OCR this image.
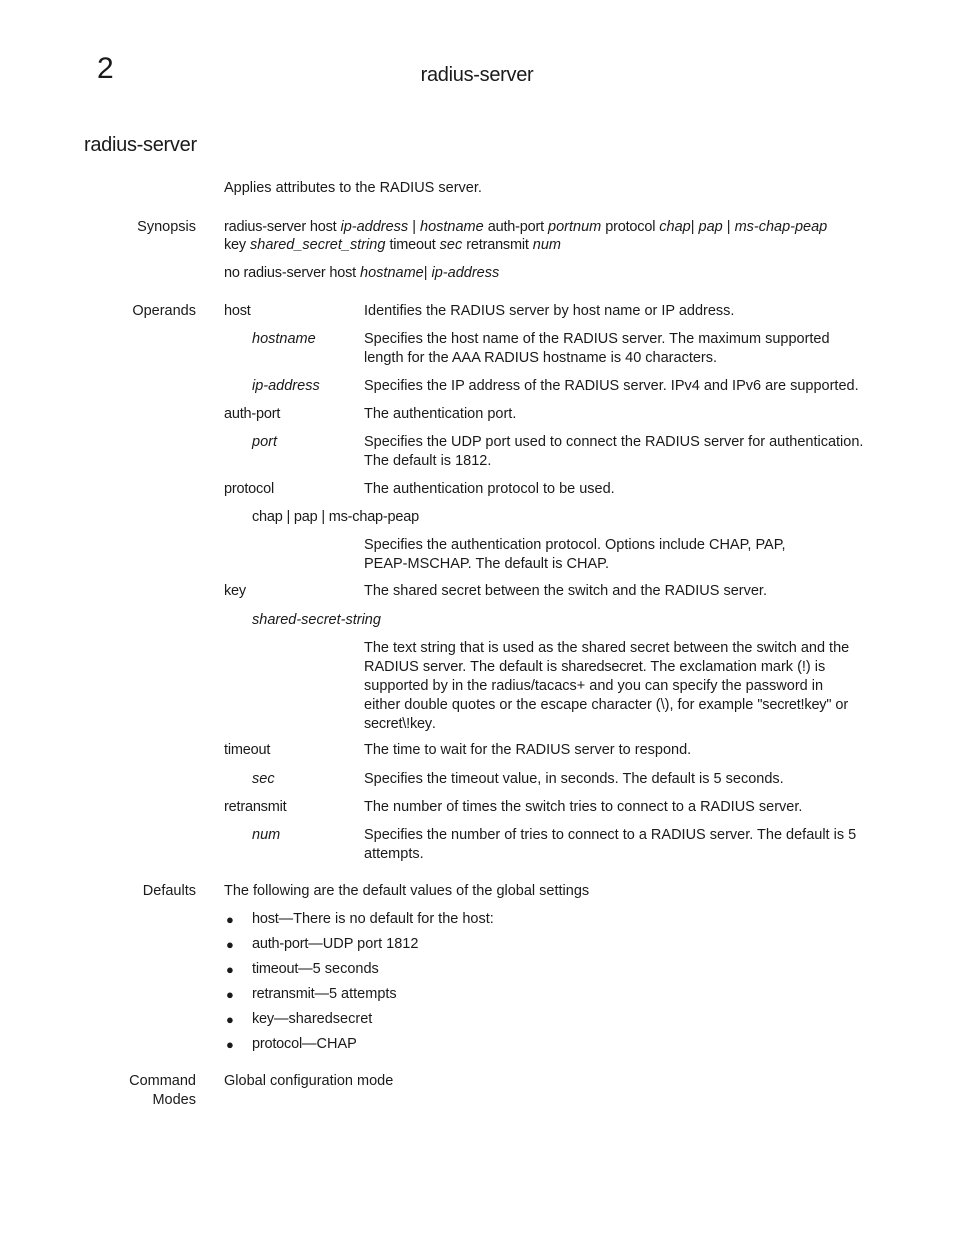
2	radius-server
radius-server
Applies attributes to the RADIUS server.
Synopsis radius-server host ip-address | hostname auth-port portnum protocol chap| pap | ms-chap-peap
key shared_secret_string timeout sec retransmit num
no radius-server host hostname| ip-address
Operands host	Identifies the RADIUS server by host name or IP address.
hostname	Specifies the host name of the RADIUS server. The maximum supported
length for the AAA RADIUS hostname is 40 characters.
ip-address	Specifies the IP address of the RADIUS server. IPv4 and IPv6 are supported.
auth-port	The authentication port.
port	Specifies the UDP port used to connect the RADIUS server for authentication.
The default is 1812.
protocol	The authentication protocol to be used.
chap | pap | ms-chap-peap
Specifies the authentication protocol. Options include CHAP, PAP,
PEAP-MSCHAP. The default is CHAP.
key	The shared secret between the switch and the RADIUS server.
shared-secret-string
The text string that is used as the shared secret between the switch and the
RADIUS server. The default is sharedsecret. The exclamation mark (!) is
supported by in the radius/tacacs+ and you can specify the password in
either double quotes or the escape character (\), for example "secret!key" or
secret\!key.
timeout	The time to wait for the RADIUS server to respond.
sec	Specifies the timeout value, in seconds. The default is 5 seconds.
retransmit	The number of times the switch tries to connect to a RADIUS server.
num	Specifies the number of tries to connect to a RADIUS server. The default is 5
attempts.
Defaults The following are the default values of the global settings
● host—There is no default for the host:
● auth-port—UDP port 1812
● timeout—5 seconds
● retransmit—5 attempts
● key—sharedsecret
● protocol—CHAP
Command
Modes
Global configuration mode
